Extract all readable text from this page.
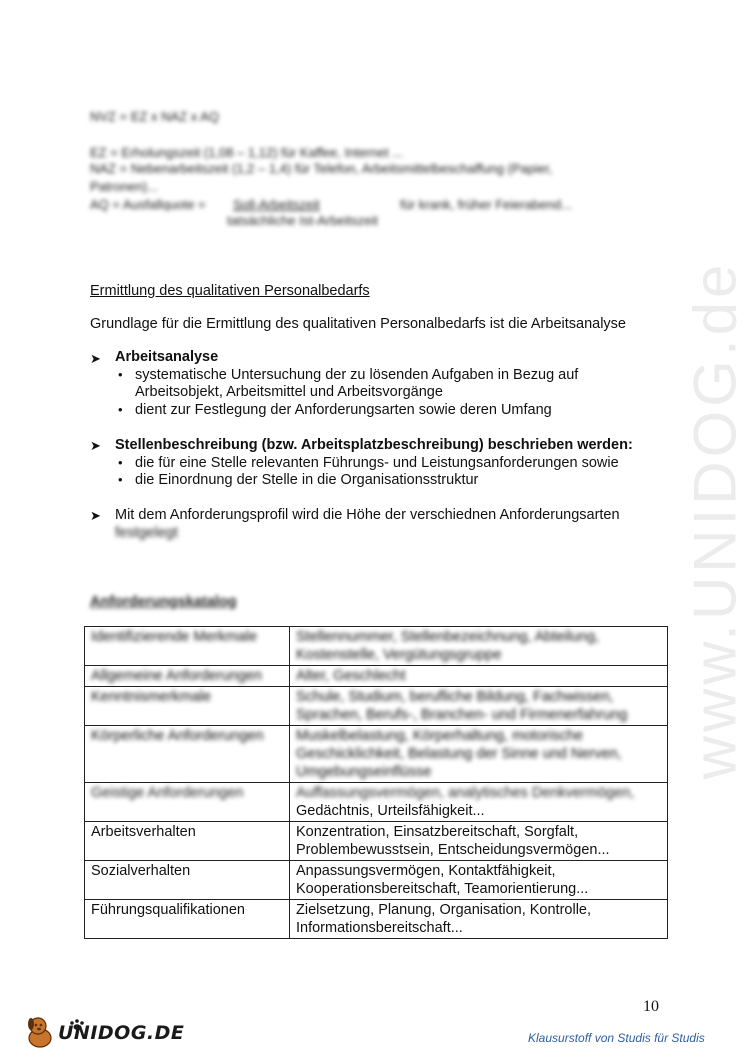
www.UNIDOG.de
NVZ = EZ x NAZ x AQ
EZ = Erholungszeit (1,08 – 1,12) für Kaffee, Internet ...
NAZ = Nebenarbeitszeit (1,2 – 1,4) für Telefon, Arbeitsmittelbeschaffung (Papier,
Patronen)...
AQ = Ausfallquote = Soll-Arbeitszeit	für krank, früher Feierabend...
tatsächliche Ist-Arbeitszeit
Ermittlung des qualitativen Personalbedarfs
Grundlage für die Ermittlung des qualitativen Personalbedarfs ist die Arbeitsanalyse
➤ Arbeitsanalyse
• systematische Untersuchung der zu lösenden Aufgaben in Bezug auf
Arbeitsobjekt, Arbeitsmittel und Arbeitsvorgänge
• dient zur Festlegung der Anforderungsarten sowie deren Umfang
➤ Stellenbeschreibung (bzw. Arbeitsplatzbeschreibung) beschrieben werden:
• die für eine Stelle relevanten Führungs- und Leistungsanforderungen sowie
• die Einordnung der Stelle in die Organisationsstruktur
➤ Mit dem Anforderungsprofil wird die Höhe der verschiednen Anforderungsarten
festgelegt
Anforderungskatalog
Identifizierende Merkmale	Stellennummer, Stellenbezeichnung, Abteilung,
Kostenstelle, Vergütungsgruppe

Allgemeine Anforderungen	Alter, Geschlecht

Kenntnismerkmale	Schule, Studium, berufliche Bildung, Fachwissen,
Sprachen, Berufs-, Branchen- und Firmenerfahrung

Körperliche Anforderungen	Muskelbelastung, Körperhaltung, motorische
Geschicklichkeit, Belastung der Sinne und Nerven,
Umgebungseinflüsse

Geistige Anforderungen	Auffassungsvermögen, analytisches Denkvermögen,
Gedächtnis, Urteilsfähigkeit...

Arbeitsverhalten	Konzentration, Einsatzbereitschaft, Sorgfalt,
Problembewusstsein, Entscheidungsvermögen...

Sozialverhalten	Anpassungsvermögen, Kontaktfähigkeit,
Kooperationsbereitschaft, Teamorientierung...

Führungsqualifikationen	Zielsetzung, Planung, Organisation, Kontrolle,
Informationsbereitschaft...
10
UNIDOG.DE	Klausurstoff von Studis für Studis
